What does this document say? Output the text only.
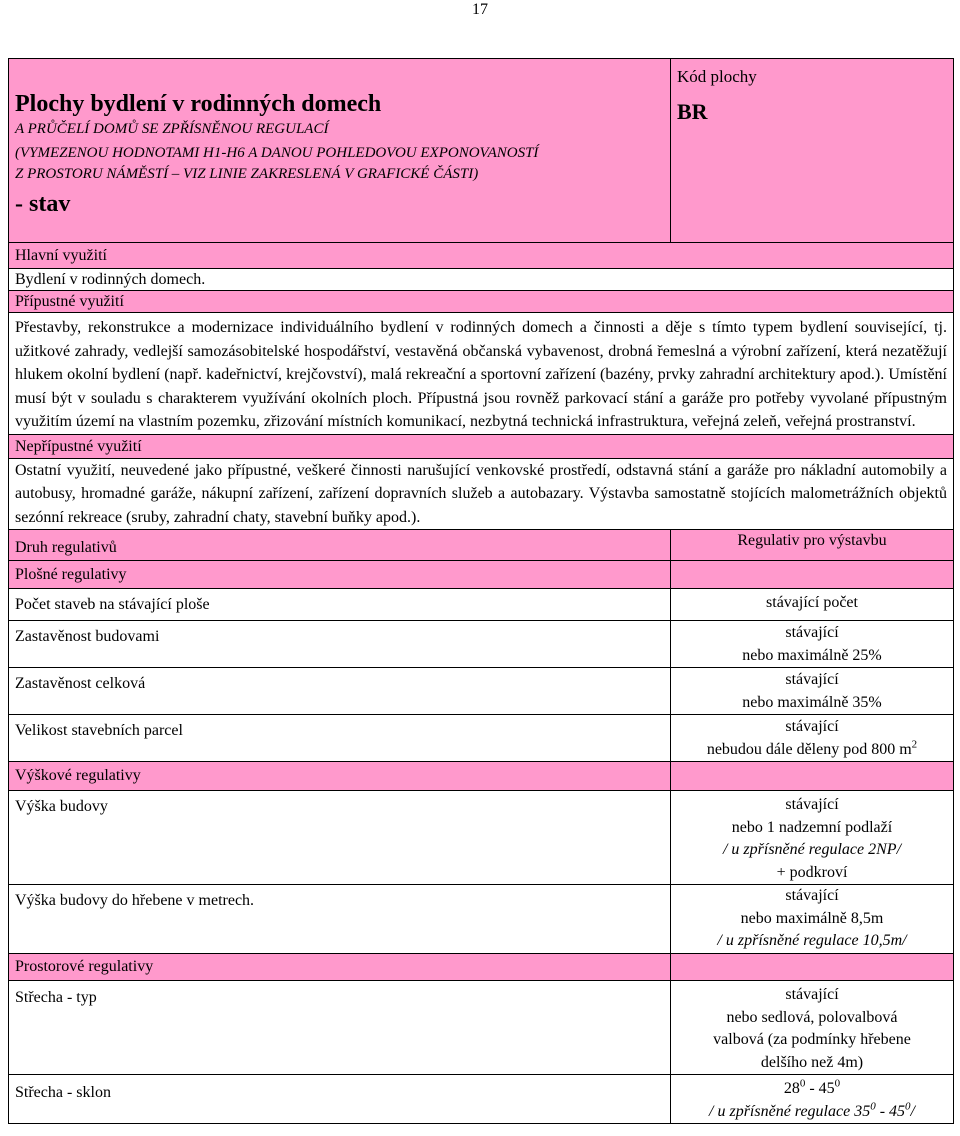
17
Plochy bydlení v rodinných domech
A PRŮČELÍ DOMŮ SE ZPŘÍSNĚNOU REGULACÍ
(VYMEZENOU HODNOTAMI H1-H6 A DANOU POHLEDOVOU EXPONOVANOSTÍ
Z PROSTORU NÁMĚSTÍ – VIZ LINIE ZAKRESLENÁ V GRAFICKÉ ČÁSTI)
- stav	Kód plochy
BR

Hlavní využití	
Bydlení v rodinných domech.	
Přípustné využití	
Přestavby, rekonstrukce a modernizace individuálního bydlení v rodinných domech a činnosti a děje s tímto typem bydlení související, tj. užitkové zahrady, vedlejší samozásobitelské hospodářství, vestavěná občanská vybavenost, drobná řemeslná a výrobní zařízení, která nezatěžují hlukem okolní bydlení (např. kadeřnictví, krejčovství), malá rekreační a sportovní zařízení (bazény, prvky zahradní architektury apod.). Umístění musí být v souladu s charakterem využívání okolních ploch. Přípustná jsou rovněž parkovací stání a garáže pro potřeby vyvolané přípustným využitím území na vlastním pozemku, zřizování místních komunikací, nezbytná technická infrastruktura, veřejná zeleň, veřejná prostranství.	
Nepřípustné využití	
Ostatní využití, neuvedené jako přípustné, veškeré činnosti narušující venkovské prostředí, odstavná stání a garáže pro nákladní automobily a autobusy, hromadné garáže, nákupní zařízení, zařízení dopravních služeb a autobazary. Výstavba samostatně stojících malometrážních objektů sezónní rekreace (sruby, zahradní chaty, stavební buňky apod.).	
Druh regulativů	Regulativ pro výstavbu
Plošné regulativy	
Počet staveb na stávající ploše	stávající počet
Zastavěnost budovami	stávající
nebo maximálně 25%

Zastavěnost celková	stávající
nebo maximálně 35%

Velikost stavebních parcel	stávající
nebudou dále děleny pod 800 $m^2$

Výškové regulativy	
Výška budovy	stávající
nebo 1 nadzemní podlaží
/ u zpřísněné regulace 2NP/
+ podkroví

Výška budovy do hřebene v metrech.	stávající
nebo maximálně 8,5m
/ u zpřísněné regulace 10,5m/

Prostorové regulativy	
Střecha - typ	stávající
nebo sedlová, polovalbová
valbová (za podmínky hřebene
delšího než 4m)

Střecha - sklon	$28^0 - 45^0$
/ u zpřísněné regulace $35^0 - 45^0/$
